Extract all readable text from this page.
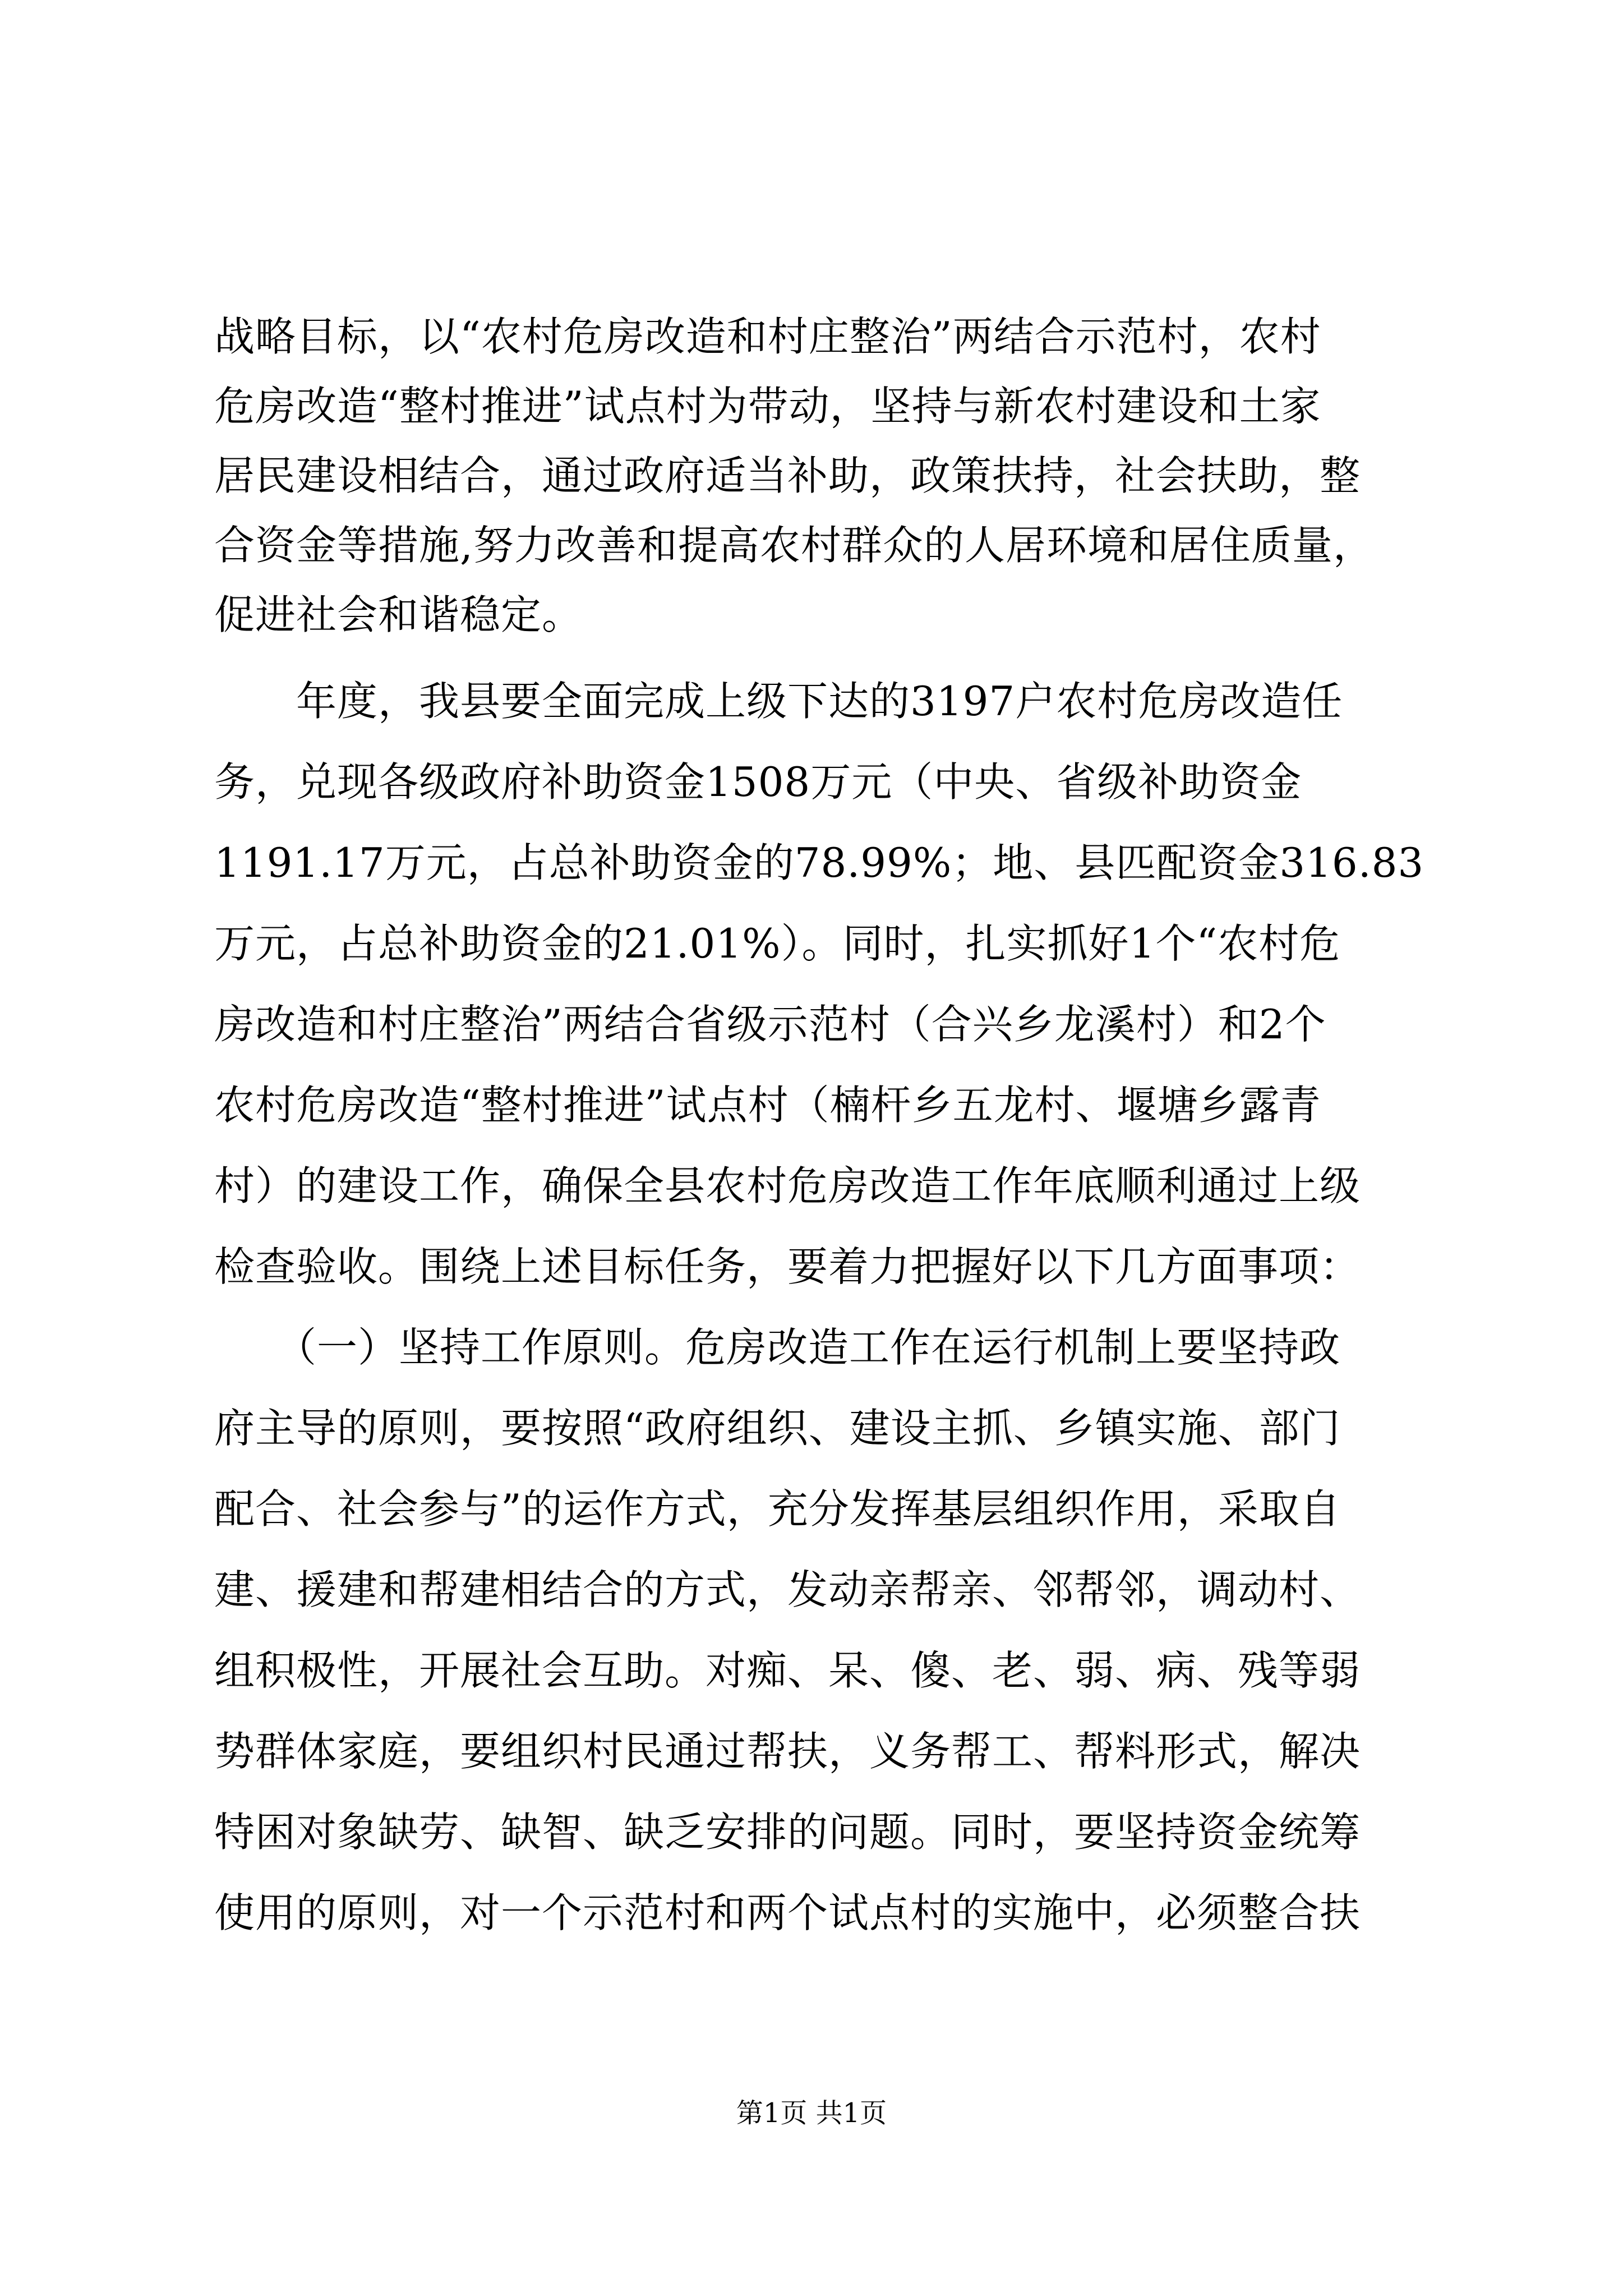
战略目标，以“农村危房改造和村庄整治”两结合示范村，农村
危房改造“整村推进”试点村为带动，坚持与新农村建设和土家
居民建设相结合，通过政府适当补助，政策扶持，社会扶助，整
合资金等措施,努力改善和提高农村群众的人居环境和居住质量，
促进社会和谐稳定。
　　年度，我县要全面完成上级下达的3197户农村危房改造任
务，兑现各级政府补助资金1508万元（中央、省级补助资金
1191.17万元，占总补助资金的78.99%；地、县匹配资金316.83
万元，占总补助资金的21.01%）。同时，扎实抓好1个“农村危
房改造和村庄整治”两结合省级示范村（合兴乡龙溪村）和2个
农村危房改造“整村推进”试点村（楠杆乡五龙村、堰塘乡露青
村）的建设工作，确保全县农村危房改造工作年底顺利通过上级
检查验收。围绕上述目标任务，要着力把握好以下几方面事项：
　　（一）坚持工作原则。危房改造工作在运行机制上要坚持政
府主导的原则，要按照“政府组织、建设主抓、乡镇实施、部门
配合、社会参与”的运作方式，充分发挥基层组织作用，采取自
建、援建和帮建相结合的方式，发动亲帮亲、邻帮邻，调动村、
组积极性，开展社会互助。对痴、呆、傻、老、弱、病、残等弱
势群体家庭，要组织村民通过帮扶，义务帮工、帮料形式，解决
特困对象缺劳、缺智、缺乏安排的问题。同时，要坚持资金统筹
使用的原则，对一个示范村和两个试点村的实施中，必须整合扶
第1页 共1页
